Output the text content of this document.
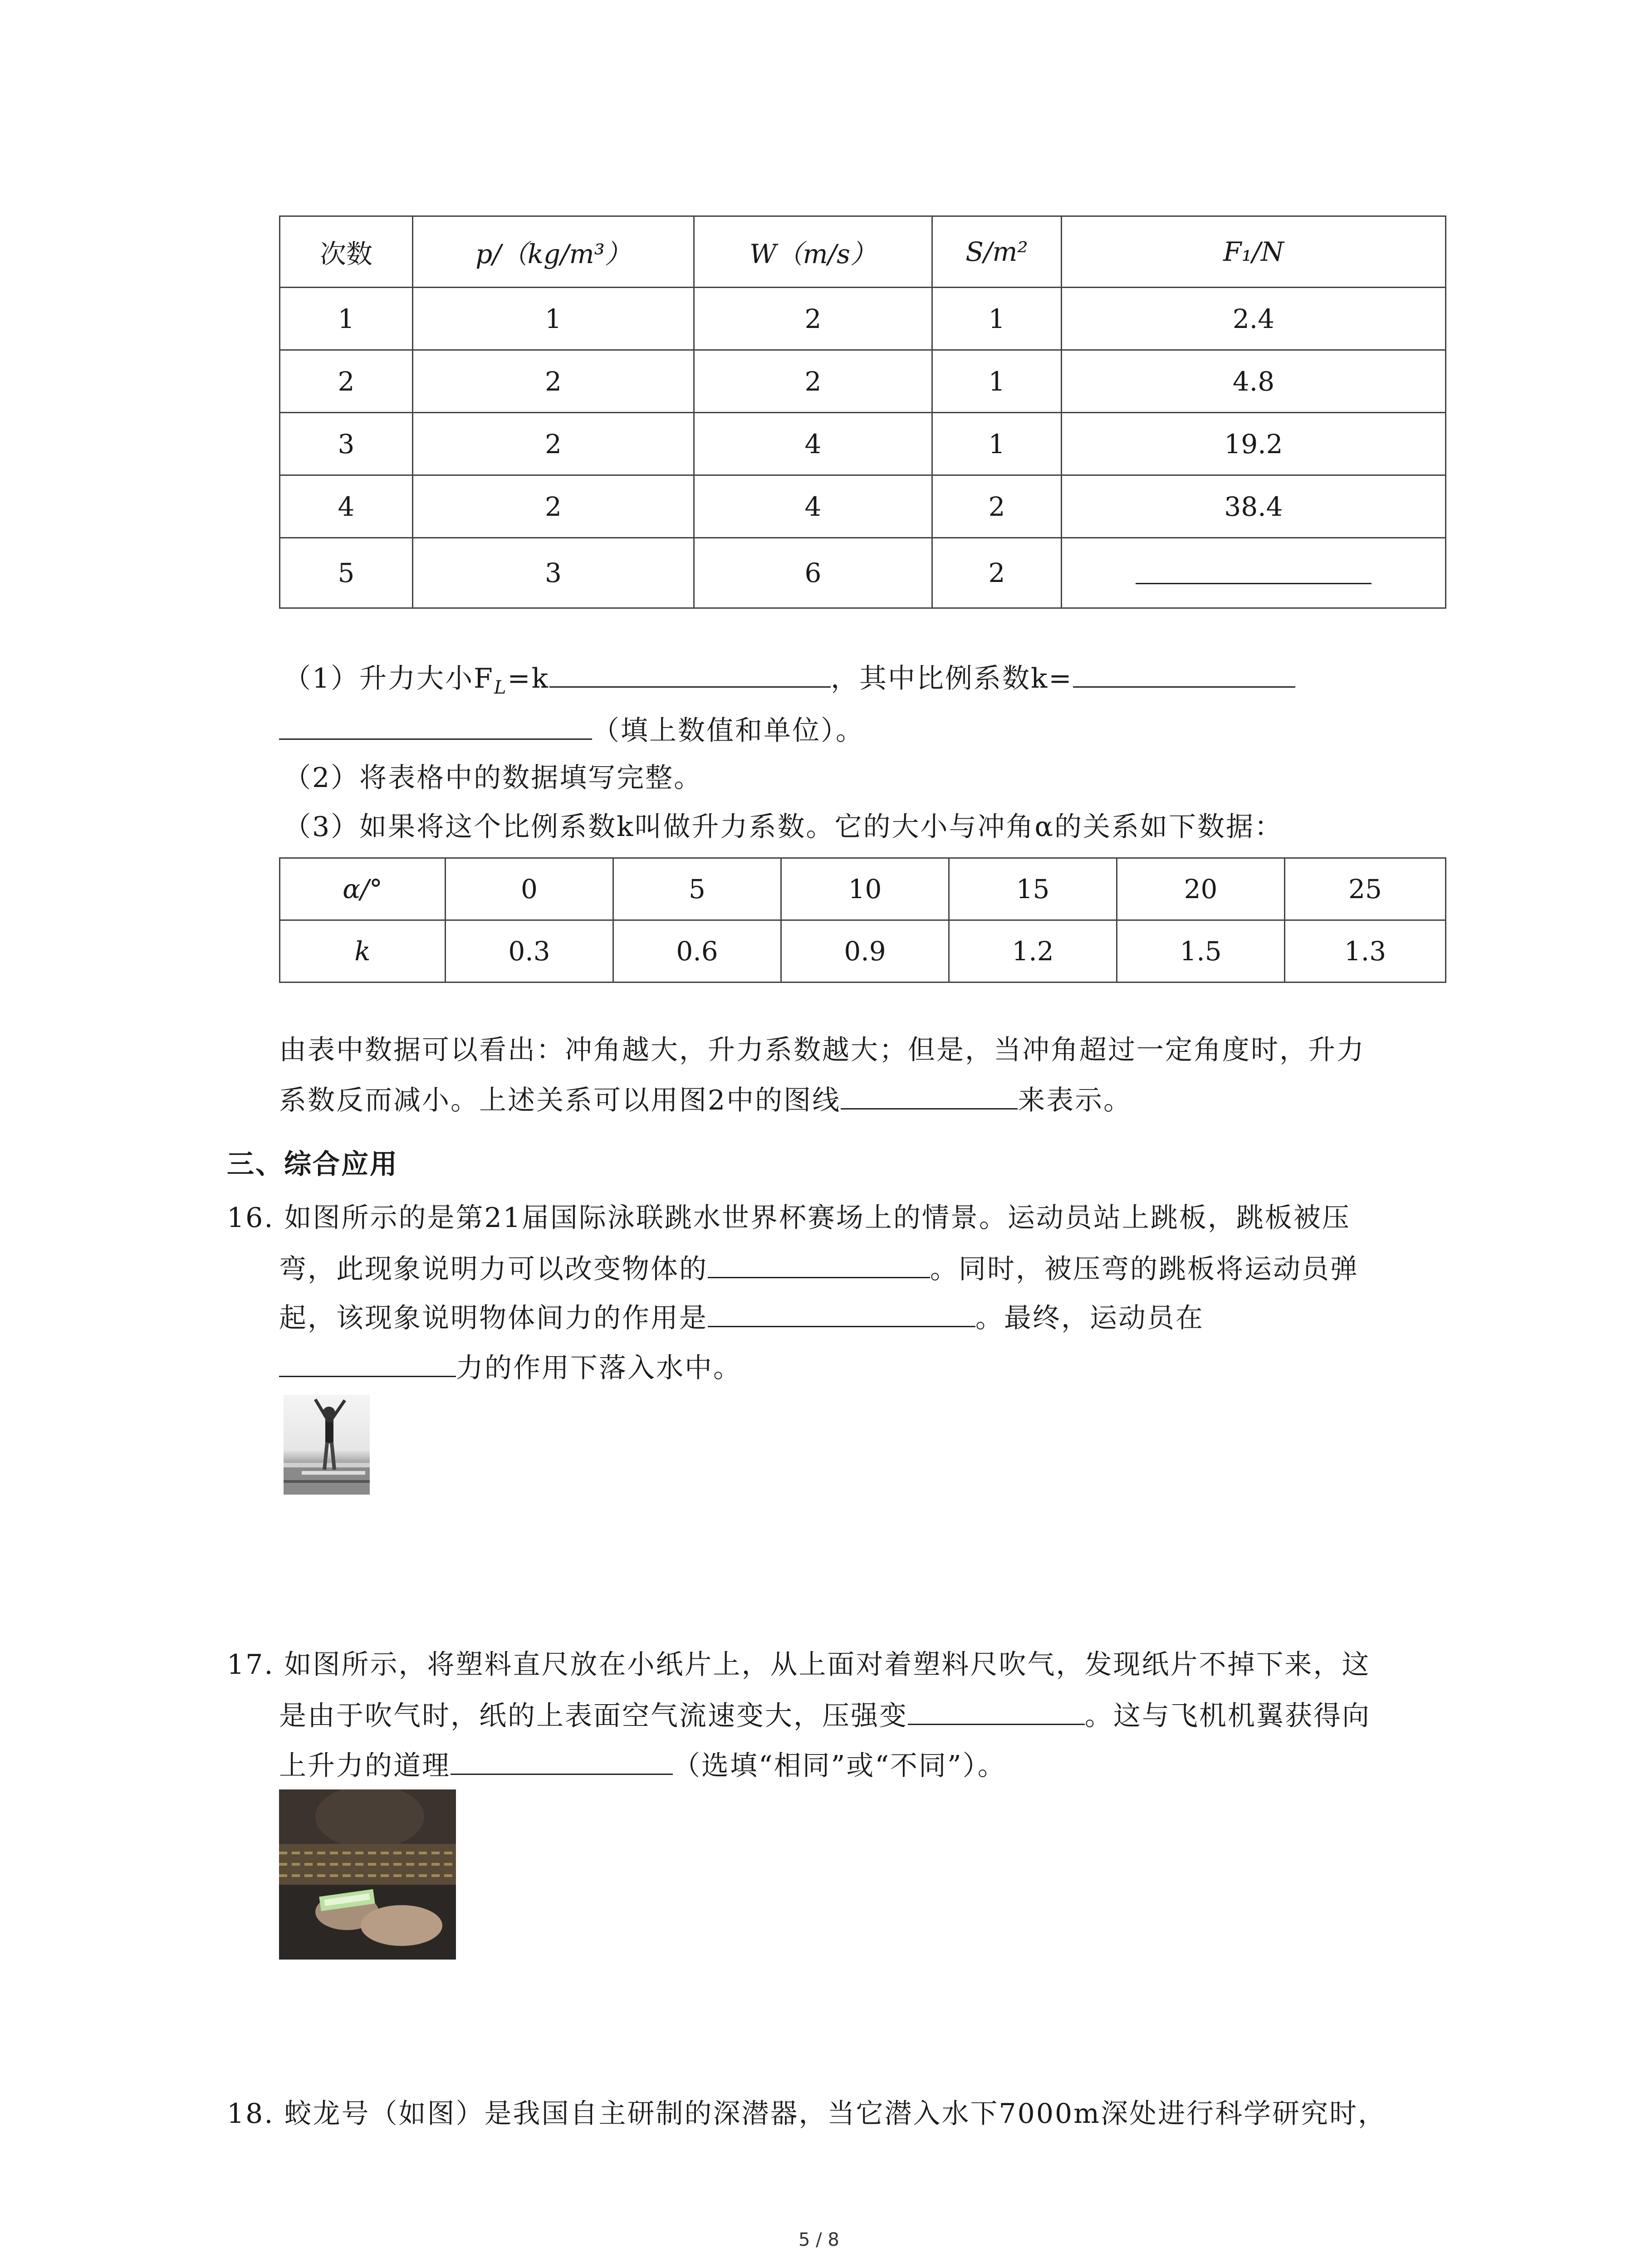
次数	p/（kg/m³）	W（m/s）	S/m²	F₁/N
1	1	2	1	2.4
2	2	2	1	4.8
3	2	4	1	19.2
4	2	4	2	38.4
5	3	6	2	
（1）升力大小$F_L=k$	，其中比例系数k=
（填上数值和单位）。
（2）将表格中的数据填写完整。
（3）如果将这个比例系数k叫做升力系数。它的大小与冲角α的关系如下数据：
α/°	0	5	10	15	20	25
k	0.3	0.6	0.9	1.2	1.5	1.3
由表中数据可以看出：冲角越大，升力系数越大；但是，当冲角超过一定角度时，升力
系数反而减小。上述关系可以用图2中的图线	来表示。
三、综合应用
16. 如图所示的是第21届国际泳联跳水世界杯赛场上的情景。运动员站上跳板，跳板被压
弯，此现象说明力可以改变物体的	。同时，被压弯的跳板将运动员弹
起，该现象说明物体间力的作用是	。最终，运动员在
力的作用下落入水中。
17. 如图所示，将塑料直尺放在小纸片上，从上面对着塑料尺吹气，发现纸片不掉下来，这
是由于吹气时，纸的上表面空气流速变大，压强变	。这与飞机机翼获得向
上升力的道理	（选填“相同”或“不同”）。
18. 蛟龙号（如图）是我国自主研制的深潜器，当它潜入水下7000m深处进行科学研究时，
5 / 8
